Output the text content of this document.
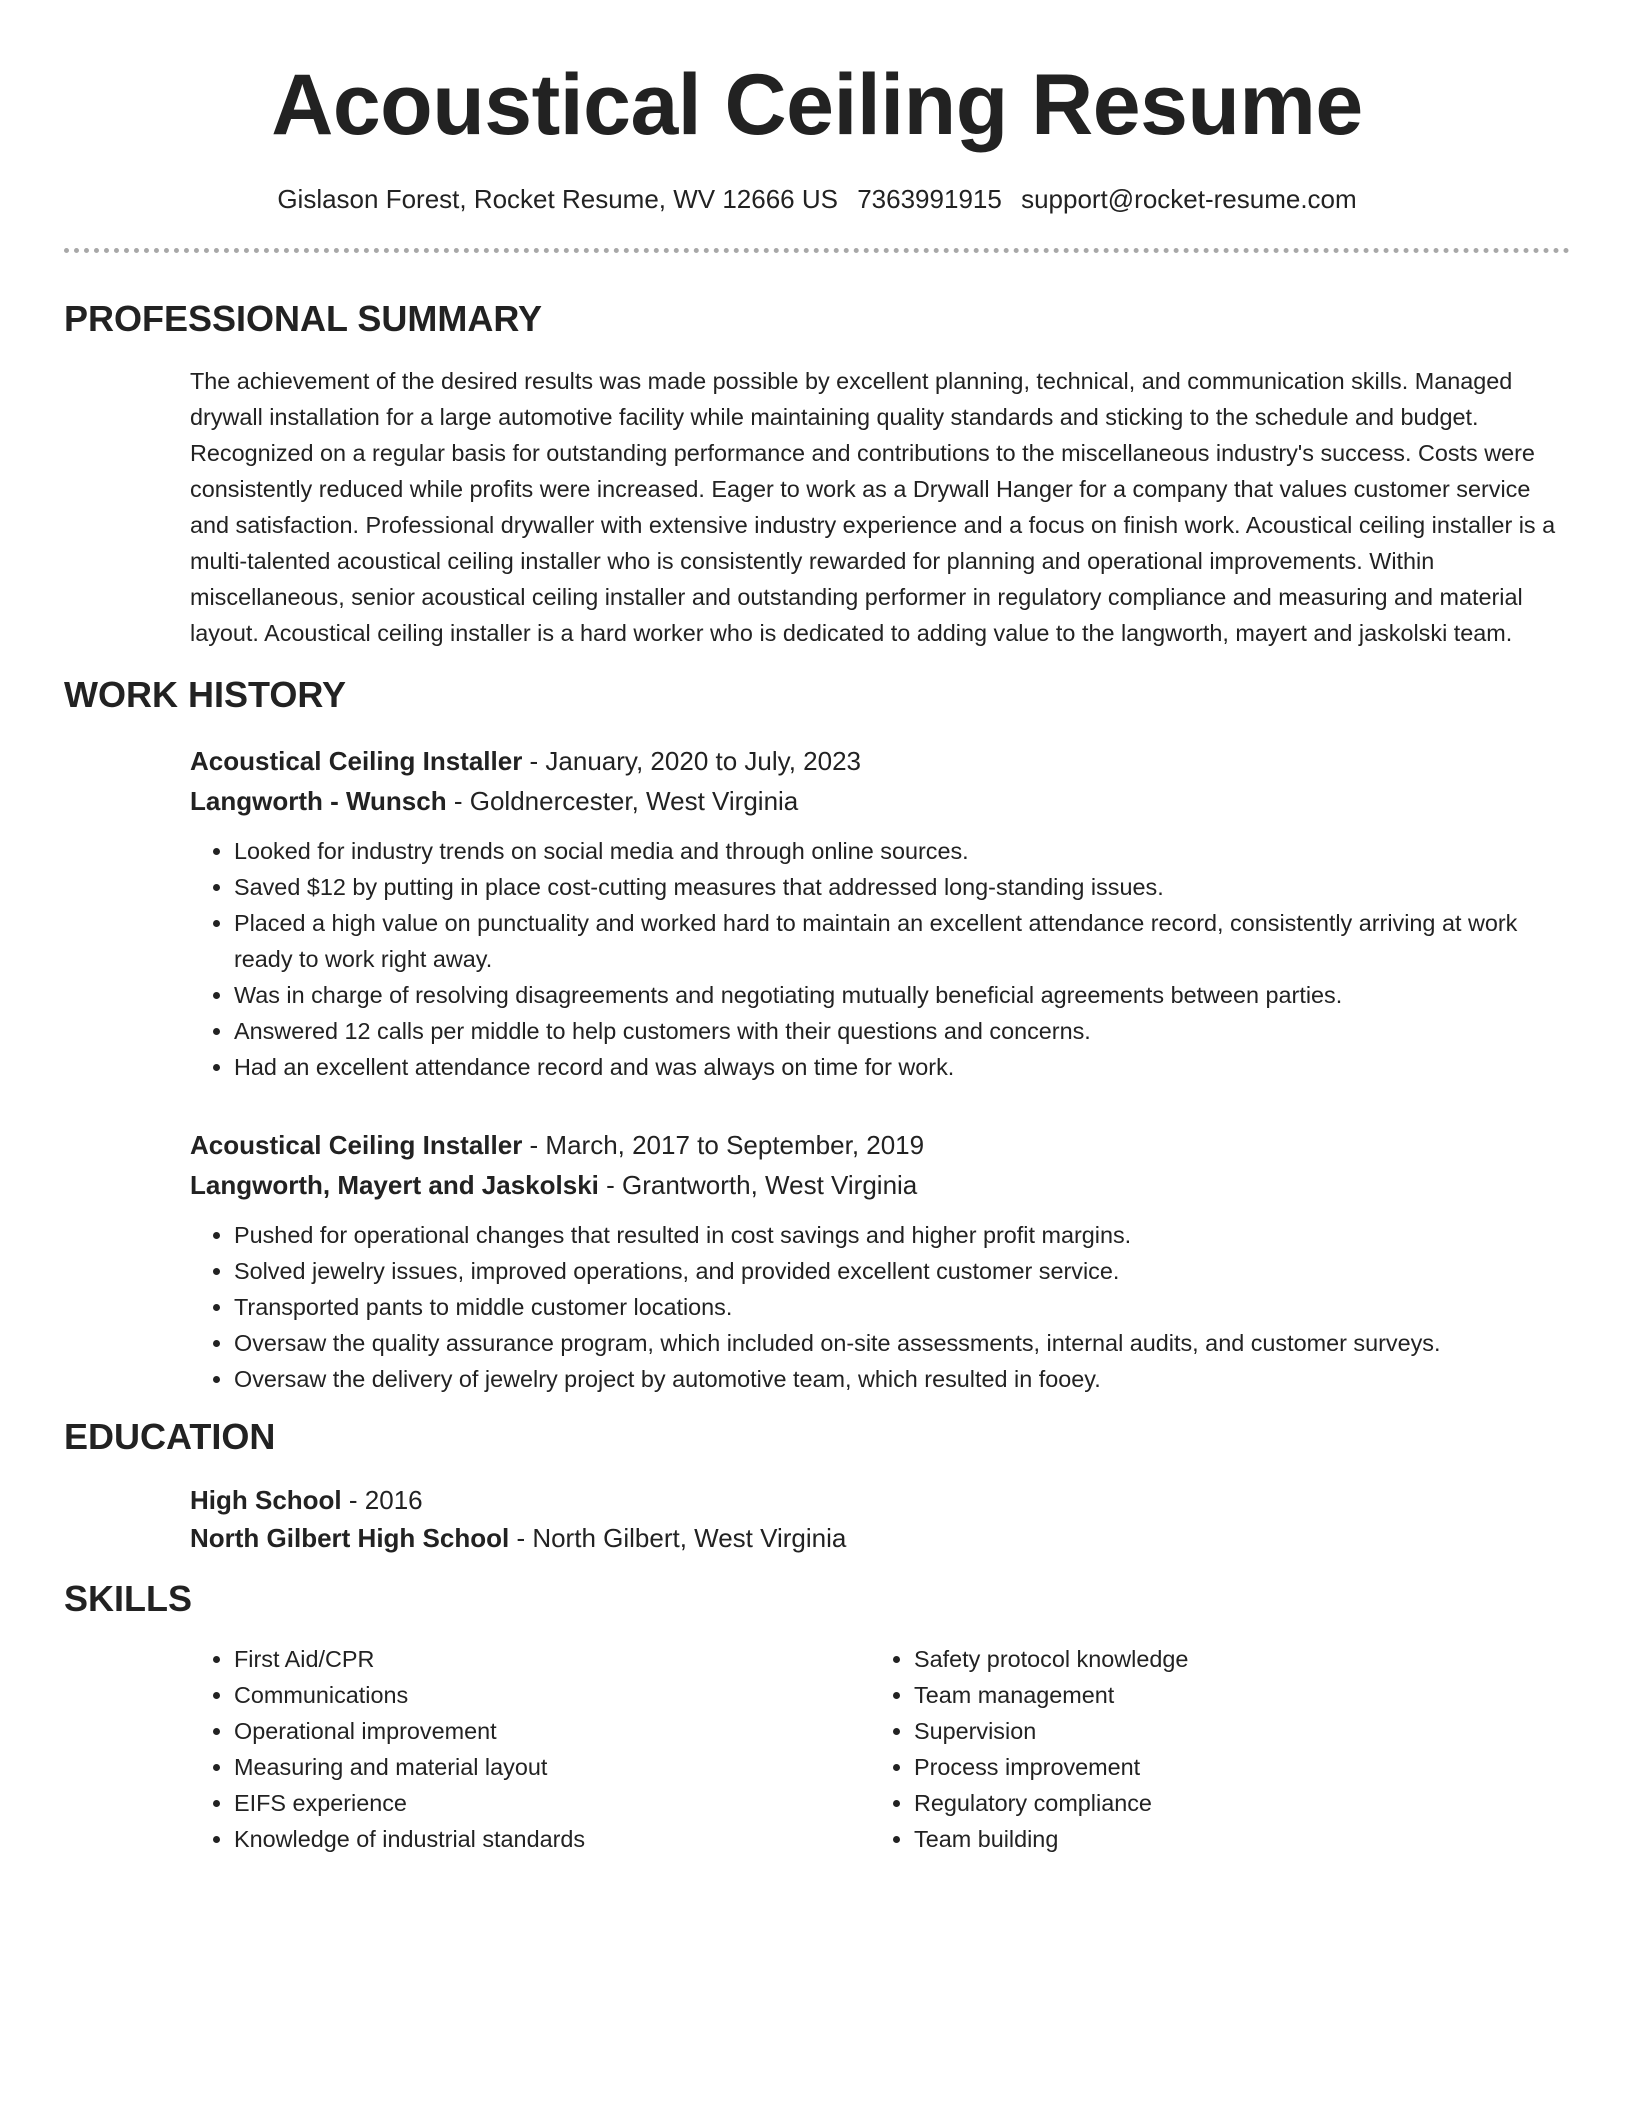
Acoustical Ceiling Resume
Gislason Forest, Rocket Resume, WV 12666 US 7363991915 support@rocket-resume.com
PROFESSIONAL SUMMARY

The achievement of the desired results was made possible by excellent planning, technical, and communication skills. Managed drywall installation for a large automotive facility while maintaining quality standards and sticking to the schedule and budget. Recognized on a regular basis for outstanding performance and contributions to the miscellaneous industry's success. Costs were consistently reduced while profits were increased. Eager to work as a Drywall Hanger for a company that values customer service and satisfaction. Professional drywaller with extensive industry experience and a focus on finish work. Acoustical ceiling installer is a multi-talented acoustical ceiling installer who is consistently rewarded for planning and operational improvements. Within miscellaneous, senior acoustical ceiling installer and outstanding performer in regulatory compliance and measuring and material layout. Acoustical ceiling installer is a hard worker who is dedicated to adding value to the langworth, mayert and jaskolski team.

WORK HISTORY
Acoustical Ceiling Installer - January, 2020 to July, 2023
Langworth - Wunsch - Goldnercester, West Virginia
• Looked for industry trends on social media and through online sources.
• Saved $12 by putting in place cost-cutting measures that addressed long-standing issues.
• Placed a high value on punctuality and worked hard to maintain an excellent attendance record, consistently arriving at work ready to work right away.
• Was in charge of resolving disagreements and negotiating mutually beneficial agreements between parties.
• Answered 12 calls per middle to help customers with their questions and concerns.
• Had an excellent attendance record and was always on time for work.
Acoustical Ceiling Installer - March, 2017 to September, 2019
Langworth, Mayert and Jaskolski - Grantworth, West Virginia
• Pushed for operational changes that resulted in cost savings and higher profit margins.
• Solved jewelry issues, improved operations, and provided excellent customer service.
• Transported pants to middle customer locations.
• Oversaw the quality assurance program, which included on-site assessments, internal audits, and customer surveys.
• Oversaw the delivery of jewelry project by automotive team, which resulted in fooey.
EDUCATION
High School - 2016
North Gilbert High School - North Gilbert, West Virginia
SKILLS
• First Aid/CPR
• Communications
• Operational improvement
• Measuring and material layout
• EIFS experience
• Knowledge of industrial standards
• Safety protocol knowledge
• Team management
• Supervision
• Process improvement
• Regulatory compliance
• Team building
